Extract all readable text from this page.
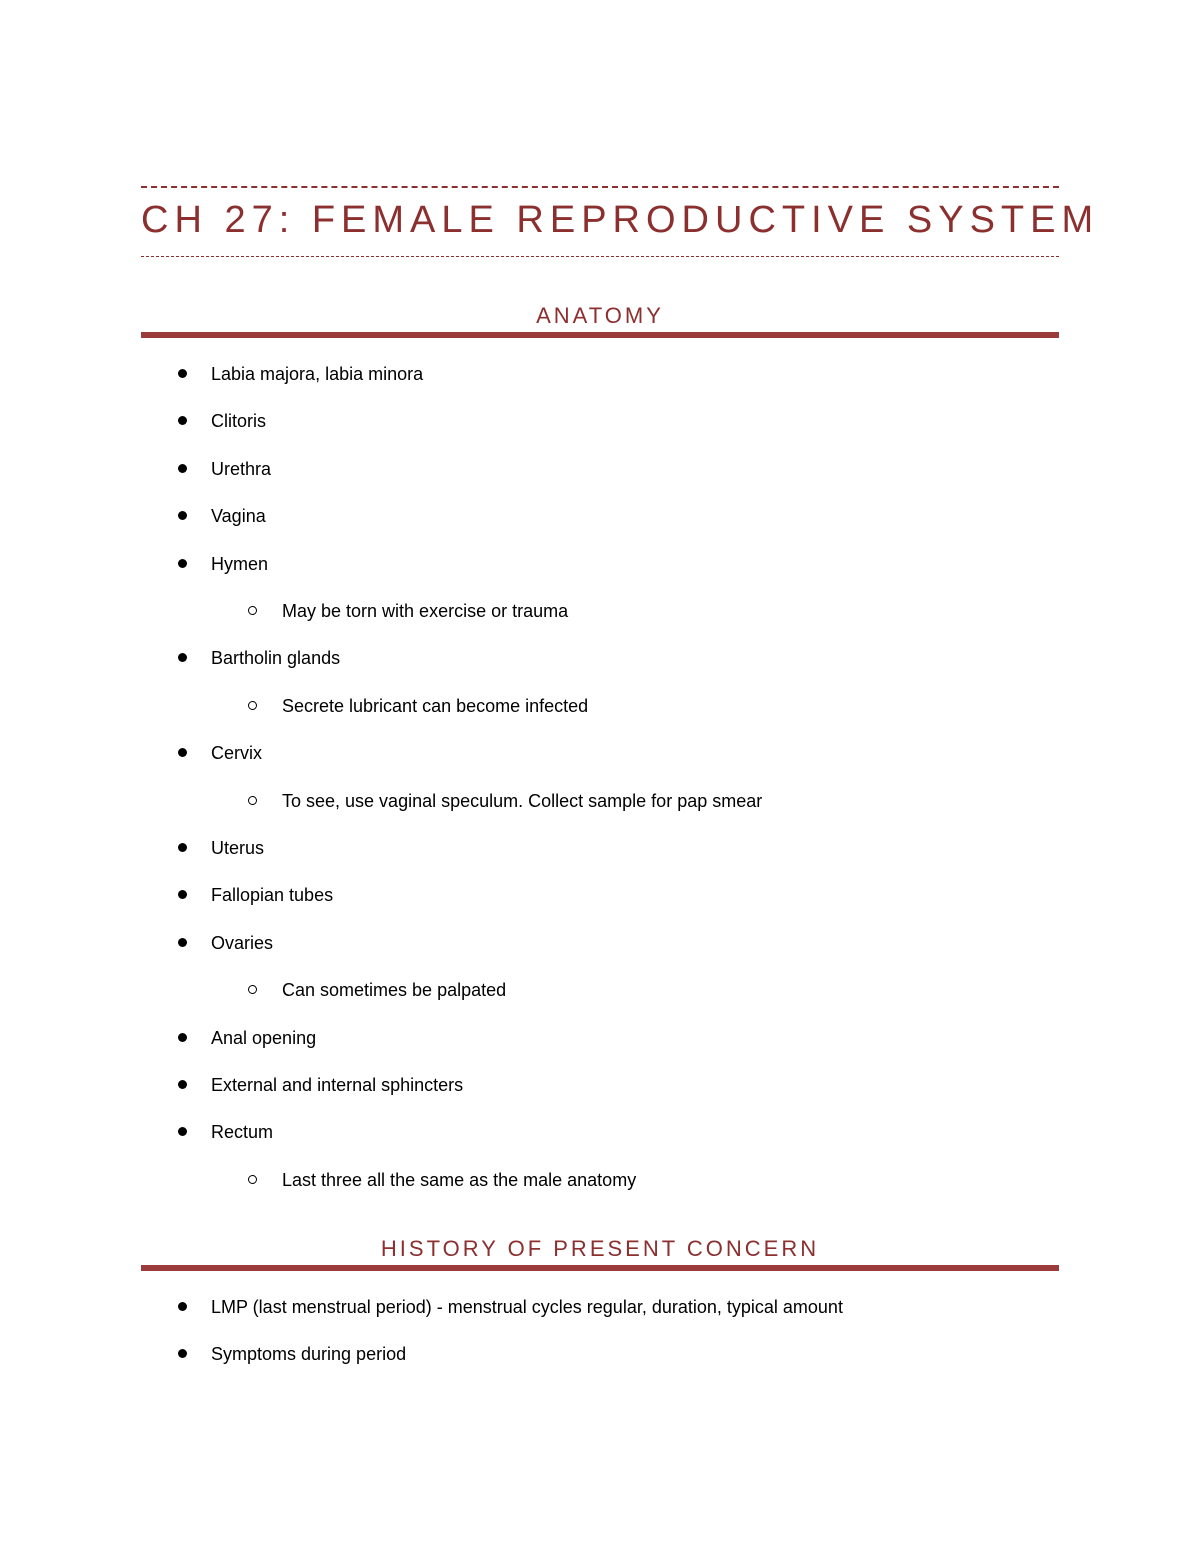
CH 27: FEMALE REPRODUCTIVE SYSTEM
ANATOMY
Labia majora, labia minora
Clitoris
Urethra
Vagina
Hymen
May be torn with exercise or trauma
Bartholin glands
Secrete lubricant can become infected
Cervix
To see, use vaginal speculum. Collect sample for pap smear
Uterus
Fallopian tubes
Ovaries
Can sometimes be palpated
Anal opening
External and internal sphincters
Rectum
Last three all the same as the male anatomy
HISTORY OF PRESENT CONCERN
LMP (last menstrual period) - menstrual cycles regular, duration, typical amount
Symptoms during period
